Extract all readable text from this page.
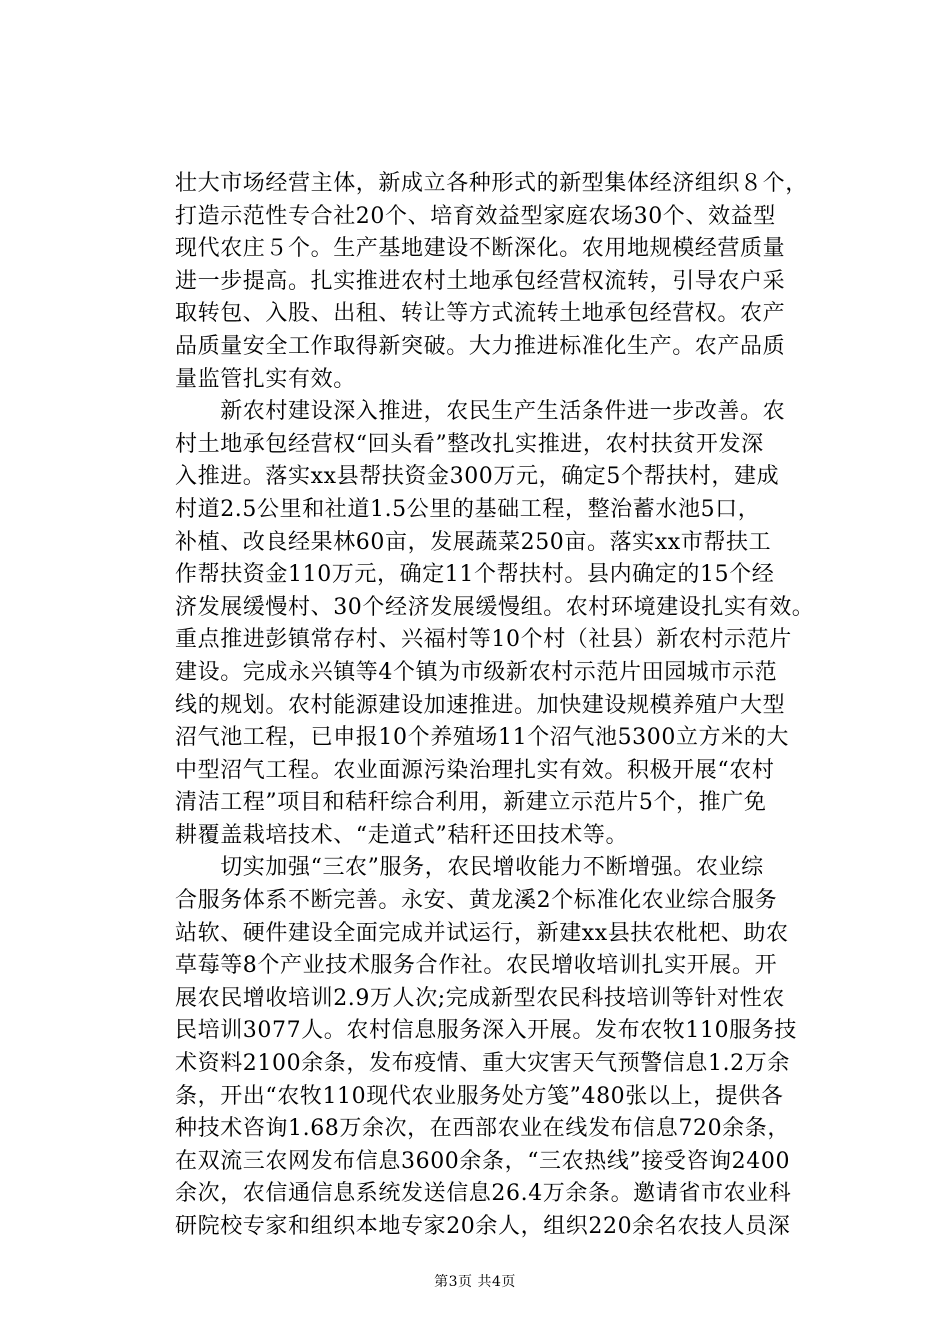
壮大市场经营主体，新成立各种形式的新型集体经济组织８个，
打造示范性专合社20个、培育效益型家庭农场30个、效益型
现代农庄５个。生产基地建设不断深化。农用地规模经营质量
进一步提高。扎实推进农村土地承包经营权流转，引导农户采
取转包、入股、出租、转让等方式流转土地承包经营权。农产
品质量安全工作取得新突破。大力推进标准化生产。农产品质
量监管扎实有效。
　　新农村建设深入推进，农民生产生活条件进一步改善。农
村土地承包经营权“回头看”整改扎实推进，农村扶贫开发深
入推进。落实xx县帮扶资金300万元，确定5个帮扶村，建成
村道2.5公里和社道1.5公里的基础工程，整治蓄水池5口，
补植、改良经果林60亩，发展蔬菜250亩。落实xx市帮扶工
作帮扶资金110万元，确定11个帮扶村。县内确定的15个经
济发展缓慢村、30个经济发展缓慢组。农村环境建设扎实有效。
重点推进彭镇常存村、兴福村等10个村（社县）新农村示范片
建设。完成永兴镇等4个镇为市级新农村示范片田园城市示范
线的规划。农村能源建设加速推进。加快建设规模养殖户大型
沼气池工程，已申报10个养殖场11个沼气池5300立方米的大
中型沼气工程。农业面源污染治理扎实有效。积极开展“农村
清洁工程”项目和秸秆综合利用，新建立示范片5个，推广免
耕覆盖栽培技术、“走道式”秸秆还田技术等。
　　切实加强“三农”服务，农民增收能力不断增强。农业综
合服务体系不断完善。永安、黄龙溪2个标准化农业综合服务
站软、硬件建设全面完成并试运行，新建xx县扶农枇杷、助农
草莓等8个产业技术服务合作社。农民增收培训扎实开展。开
展农民增收培训2.9万人次;完成新型农民科技培训等针对性农
民培训3077人。农村信息服务深入开展。发布农牧110服务技
术资料2100余条，发布疫情、重大灾害天气预警信息1.2万余
条，开出“农牧110现代农业服务处方笺”480张以上，提供各
种技术咨询1.68万余次，在西部农业在线发布信息720余条，
在双流三农网发布信息3600余条，“三农热线”接受咨询2400
余次，农信通信息系统发送信息26.4万余条。邀请省市农业科
研院校专家和组织本地专家20余人，组织220余名农技人员深
第3页 共4页
